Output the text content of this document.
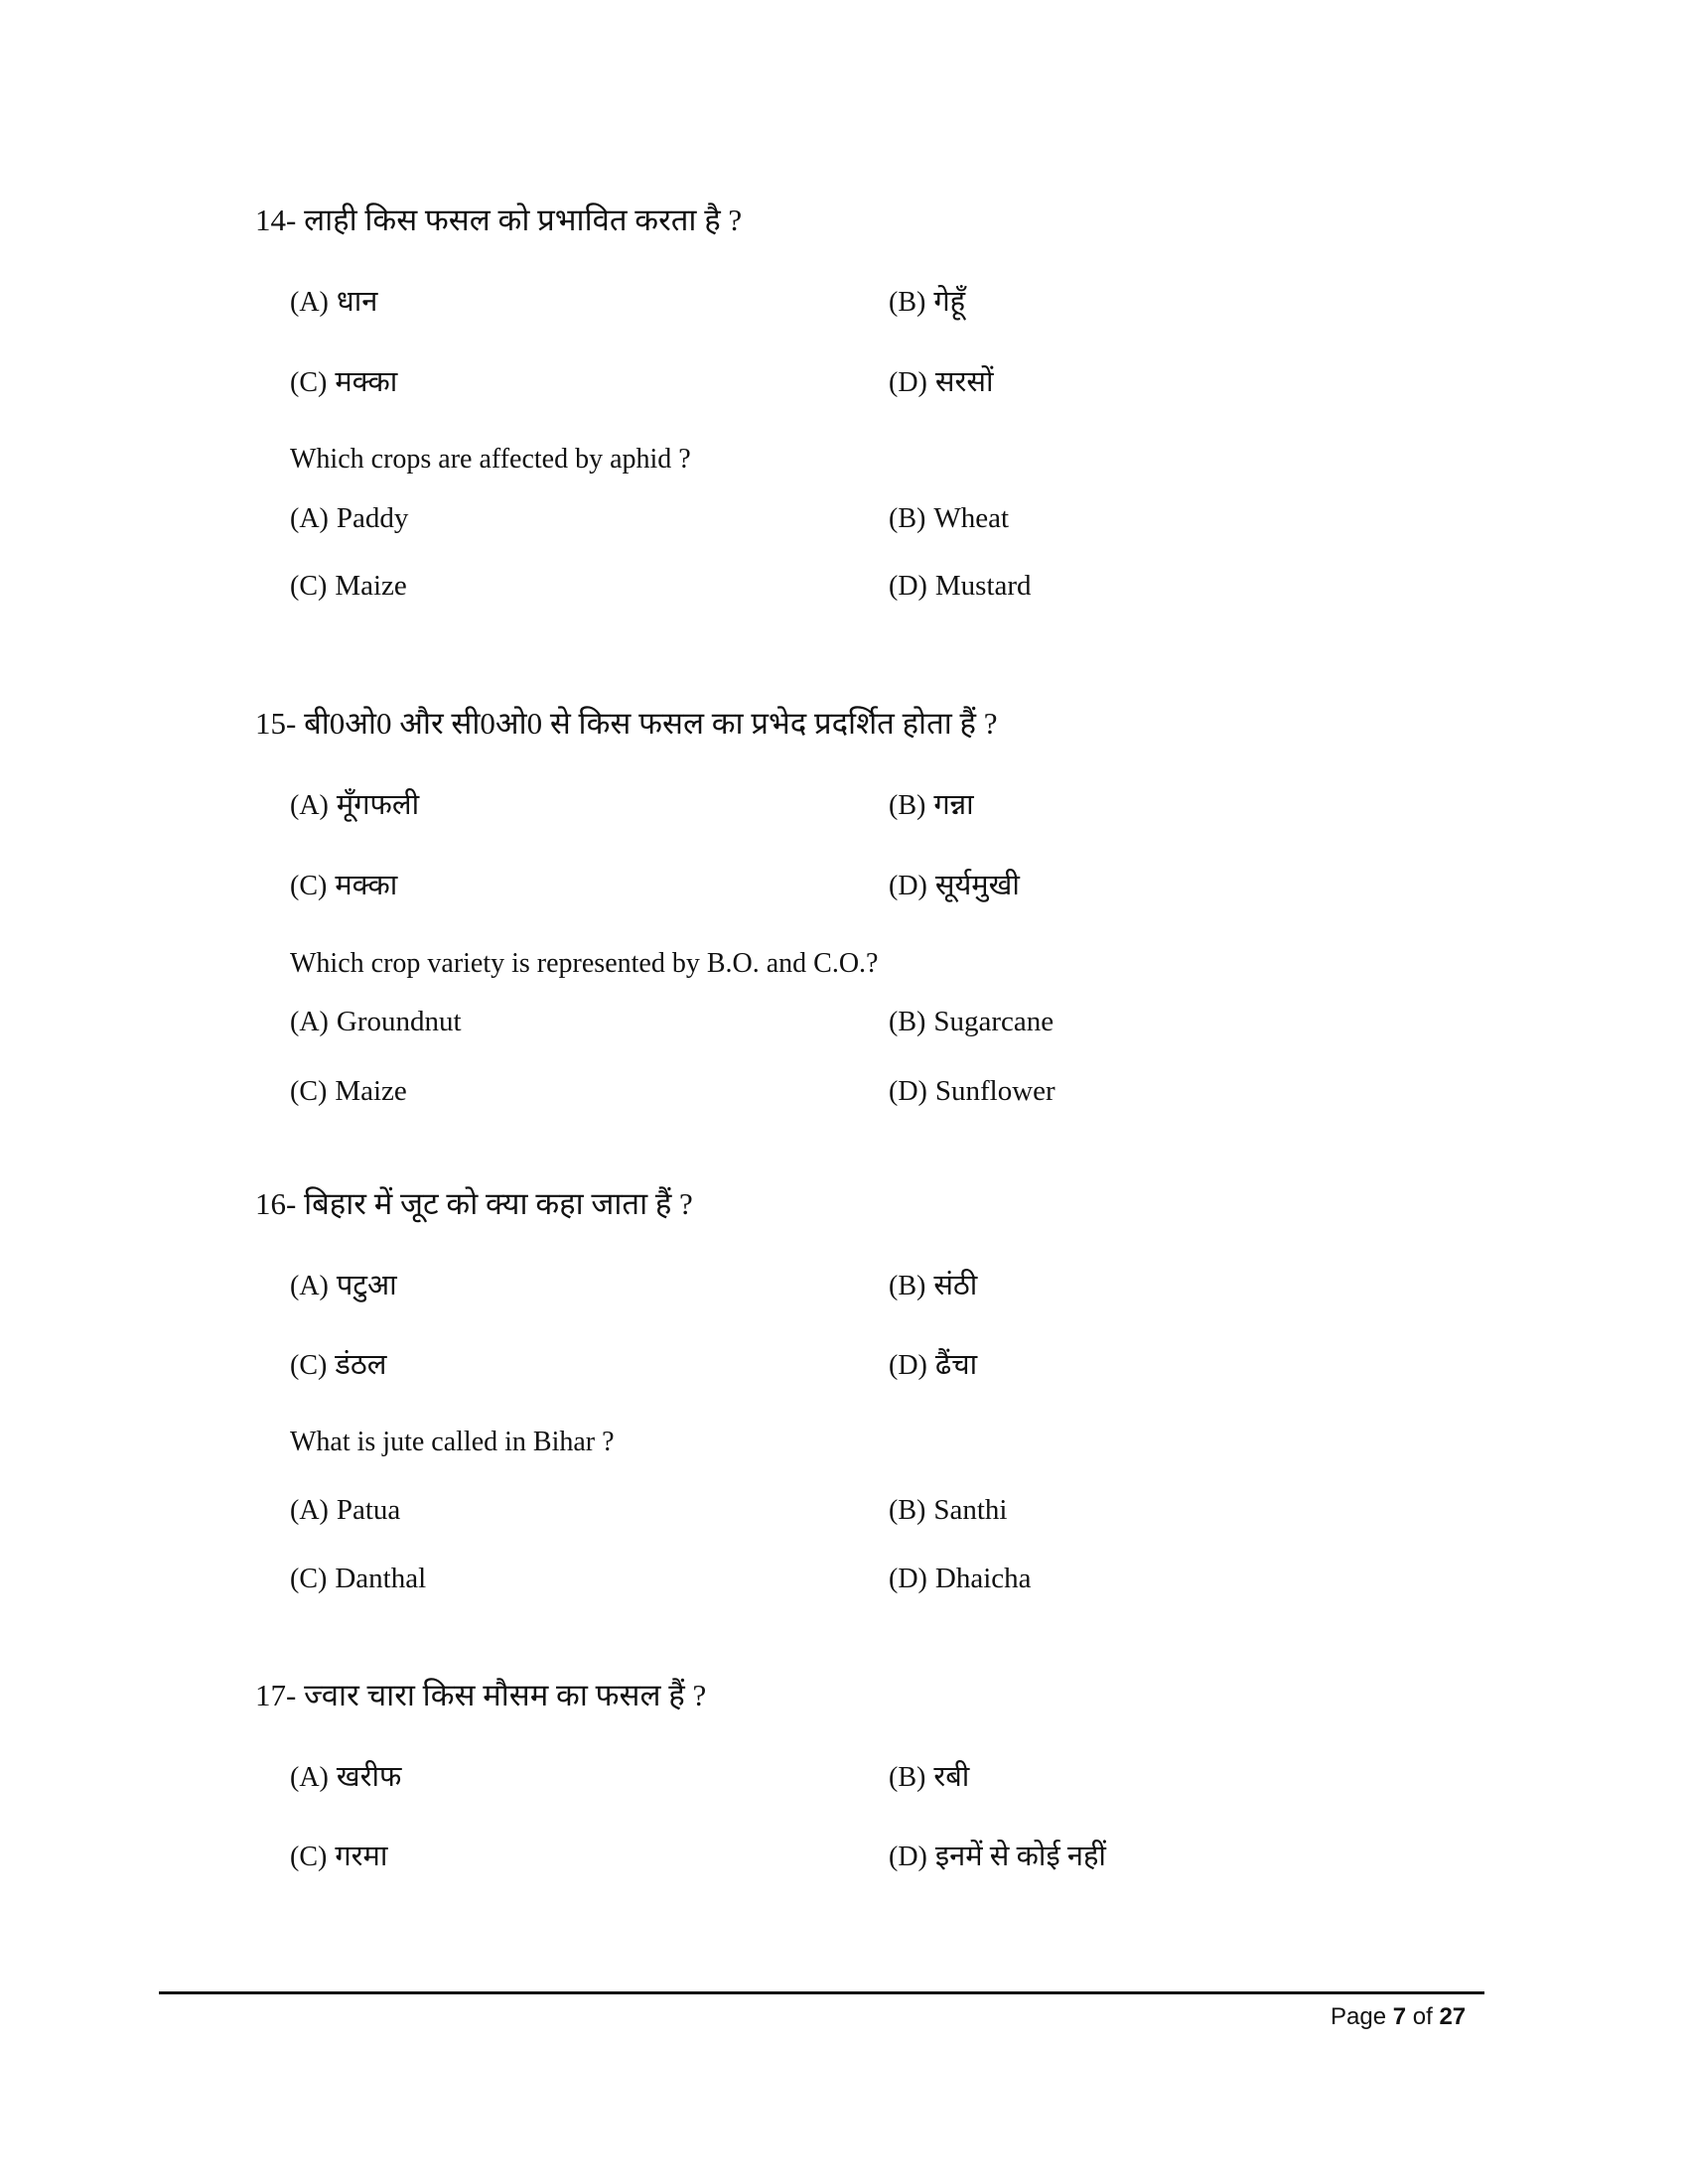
14- लाही किस फसल को प्रभावित करता है ?
(A) धान	(B) गेहूँ
(C) मक्का	(D) सरसों
Which crops are affected by aphid ?
(A) Paddy	(B) Wheat
(C) Maize	(D) Mustard
15- बी0ओ0 और सी0ओ0 से किस फसल का प्रभेद प्रदर्शित होता हैं ?
(A) मूँगफली	(B) गन्ना
(C) मक्का	(D) सूर्यमुखी
Which crop variety is represented by B.O. and C.O.?
(A) Groundnut	(B) Sugarcane
(C) Maize	(D) Sunflower
16- बिहार में जूट को क्या कहा जाता हैं ?
(A) पटुआ	(B) संठी
(C) डंठल	(D) ढैंचा
What is jute called in Bihar ?
(A) Patua	(B) Santhi
(C) Danthal	(D) Dhaicha
17- ज्वार चारा किस मौसम का फसल हैं ?
(A) खरीफ	(B) रबी
(C) गरमा	(D) इनमें से कोई नहीं
Page 7 of 27
